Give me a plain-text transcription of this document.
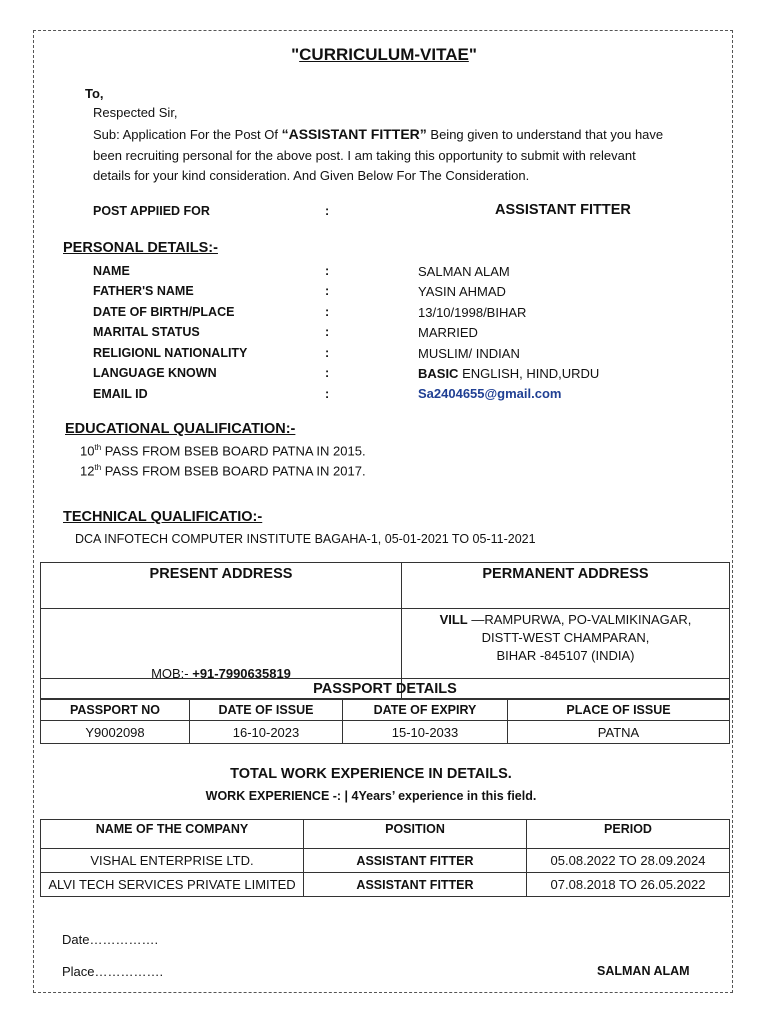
"CURRICULUM-VITAE"
To,
Respected Sir,
Sub: Application For the Post Of “ASSISTANT FITTER” Being given to understand that you have
been recruiting personal for the above post. I am taking this opportunity to submit with relevant
details for your kind consideration. And Given Below For The Consideration.
POST APPIIED FOR	:	ASSISTANT FITTER
PERSONAL DETAILS:-
NAME	:	SALMAN ALAM
FATHER'S NAME	:	YASIN AHMAD
DATE OF BIRTH/PLACE	:	13/10/1998/BIHAR
MARITAL STATUS	:	MARRIED
RELIGIONL NATIONALITY	:	MUSLIM/ INDIAN
LANGUAGE KNOWN	:	BASIC ENGLISH, HIND,URDU
EMAIL ID	:	Sa2404655@gmail.com
EDUCATIONAL QUALIFICATION:-
10th PASS FROM BSEB BOARD PATNA IN 2015.
12th PASS FROM BSEB BOARD PATNA IN 2017.
TECHNICAL QUALIFICATIO:-
DCA INFOTECH COMPUTER INSTITUTE BAGAHA-1, 05-01-2021 TO 05-11-2021
PRESENT ADDRESS	PERMANENT ADDRESS
MOB:- +91-7990635819	VILL —RAMPURWA, PO-VALMIKINAGAR,
DISTT-WEST CHAMPARAN,
BIHAR -845107 (INDIA)
PASSPORT DETAILS			
PASSPORT NO	DATE OF ISSUE	DATE OF EXPIRY	PLACE OF ISSUE
Y9002098	16-10-2023	15-10-2033	PATNA
TOTAL WORK EXPERIENCE IN DETAILS.
WORK EXPERIENCE -: | 4Years’ experience in this field.
NAME OF THE COMPANY	POSITION	PERIOD
VISHAL ENTERPRISE LTD.	ASSISTANT FITTER	05.08.2022 TO 28.09.2024
ALVI TECH SERVICES PRIVATE LIMITED	ASSISTANT FITTER	07.08.2018 TO 26.05.2022
Date…………….
Place…………….	SALMAN ALAM
